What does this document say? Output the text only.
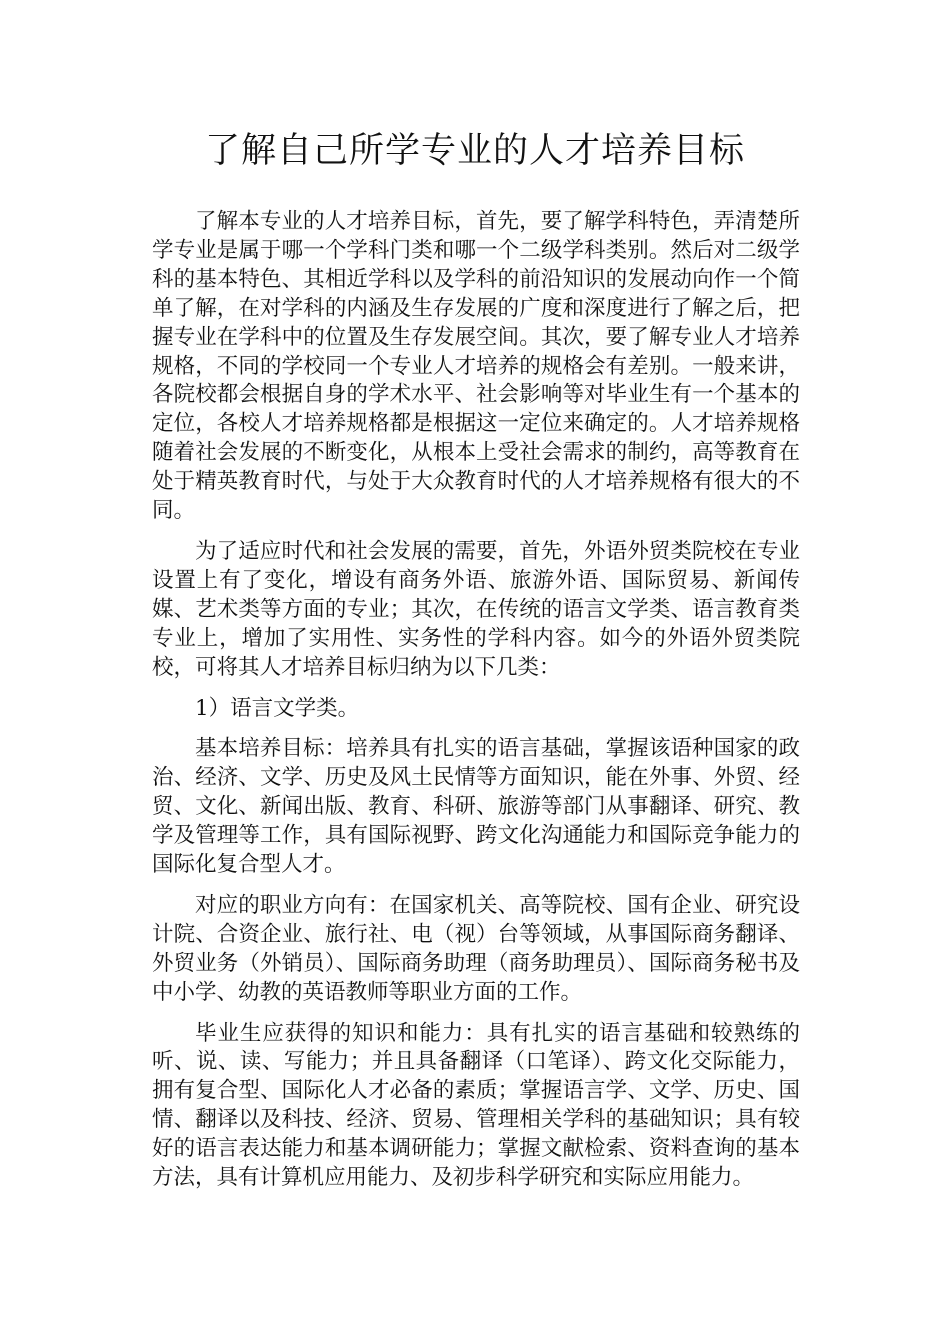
了解自己所学专业的人才培养目标

了解本专业的人才培养目标，首先，要了解学科特色，弄清楚所学专业是属于哪一个学科门类和哪一个二级学科类别。然后对二级学科的基本特色、其相近学科以及学科的前沿知识的发展动向作一个简单了解，在对学科的内涵及生存发展的广度和深度进行了解之后，把握专业在学科中的位置及生存发展空间。其次，要了解专业人才培养规格，不同的学校同一个专业人才培养的规格会有差别。一般来讲，各院校都会根据自身的学术水平、社会影响等对毕业生有一个基本的定位，各校人才培养规格都是根据这一定位来确定的。人才培养规格随着社会发展的不断变化，从根本上受社会需求的制约，高等教育在处于精英教育时代，与处于大众教育时代的人才培养规格有很大的不同。

为了适应时代和社会发展的需要，首先，外语外贸类院校在专业设置上有了变化，增设有商务外语、旅游外语、国际贸易、新闻传媒、艺术类等方面的专业；其次，在传统的语言文学类、语言教育类专业上，增加了实用性、实务性的学科内容。如今的外语外贸类院校，可将其人才培养目标归纳为以下几类：

1）语言文学类。

基本培养目标：培养具有扎实的语言基础，掌握该语种国家的政治、经济、文学、历史及风土民情等方面知识，能在外事、外贸、经贸、文化、新闻出版、教育、科研、旅游等部门从事翻译、研究、教学及管理等工作，具有国际视野、跨文化沟通能力和国际竞争能力的国际化复合型人才。

对应的职业方向有：在国家机关、高等院校、国有企业、研究设计院、合资企业、旅行社、电（视）台等领域，从事国际商务翻译、外贸业务（外销员）、国际商务助理（商务助理员）、国际商务秘书及中小学、幼教的英语教师等职业方面的工作。

毕业生应获得的知识和能力：具有扎实的语言基础和较熟练的听、说、读、写能力；并且具备翻译（口笔译）、跨文化交际能力，拥有复合型、国际化人才必备的素质；掌握语言学、文学、历史、国情、翻译以及科技、经济、贸易、管理相关学科的基础知识；具有较好的语言表达能力和基本调研能力；掌握文献检索、资料查询的基本方法，具有计算机应用能力、及初步科学研究和实际应用能力。
